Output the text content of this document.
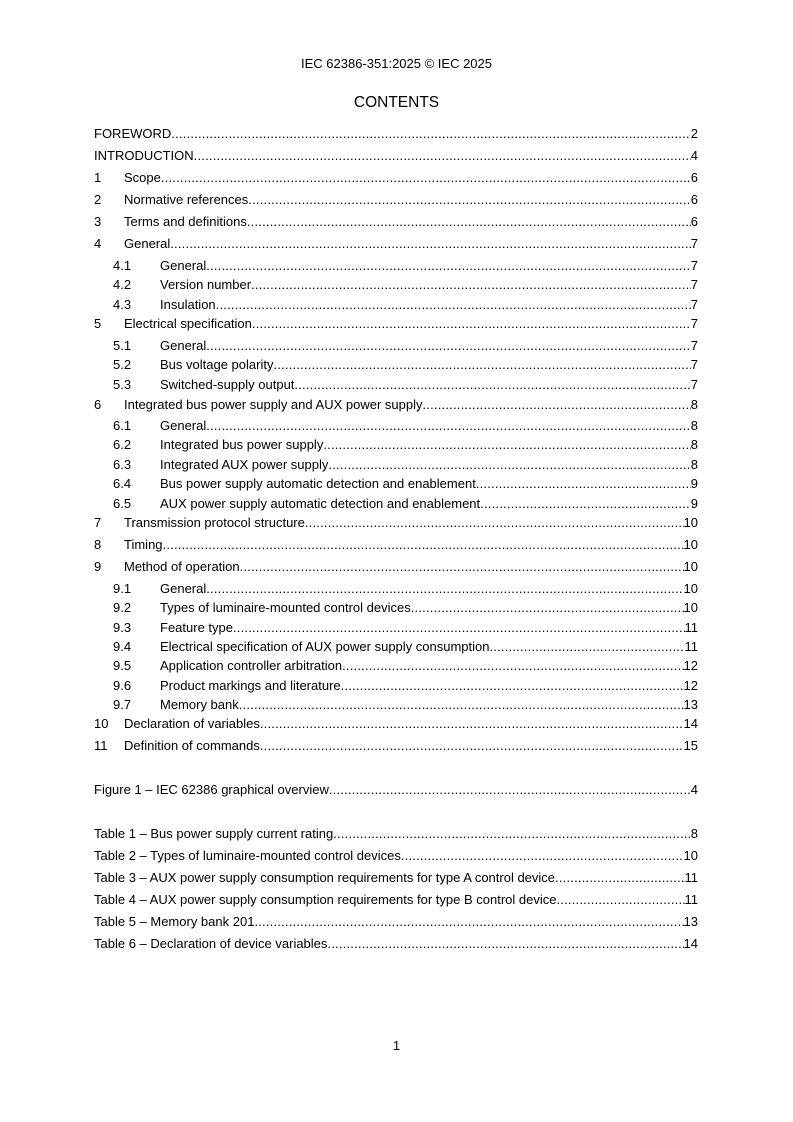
IEC 62386-351:2025 © IEC 2025
CONTENTS
FOREWORD .....	2
INTRODUCTION .....	4
1	Scope .....	6
2	Normative references .....	6
3	Terms and definitions .....	6
4	General .....	7
4.1	General .....	7
4.2	Version number .....	7
4.3	Insulation .....	7
5	Electrical specification .....	7
5.1	General .....	7
5.2	Bus voltage polarity .....	7
5.3	Switched-supply output .....	7
6	Integrated bus power supply and AUX power supply .....	8
6.1	General .....	8
6.2	Integrated bus power supply .....	8
6.3	Integrated AUX power supply .....	8
6.4	Bus power supply automatic detection and enablement .....	9
6.5	AUX power supply automatic detection and enablement .....	9
7	Transmission protocol structure .....	10
8	Timing .....	10
9	Method of operation .....	10
9.1	General .....	10
9.2	Types of luminaire-mounted control devices .....	10
9.3	Feature type .....	11
9.4	Electrical specification of AUX power supply consumption .....	11
9.5	Application controller arbitration .....	12
9.6	Product markings and literature .....	12
9.7	Memory bank .....	13
10	Declaration of variables .....	14
11	Definition of commands .....	15
Figure 1 – IEC 62386 graphical overview .....	4
Table 1 – Bus power supply current rating .....	8
Table 2 – Types of luminaire-mounted control devices .....	10
Table 3 – AUX power supply consumption requirements for type A control device .....	11
Table 4 – AUX power supply consumption requirements for type B control device .....	11
Table 5 – Memory bank 201 .....	13
Table 6 – Declaration of device variables .....	14
1
